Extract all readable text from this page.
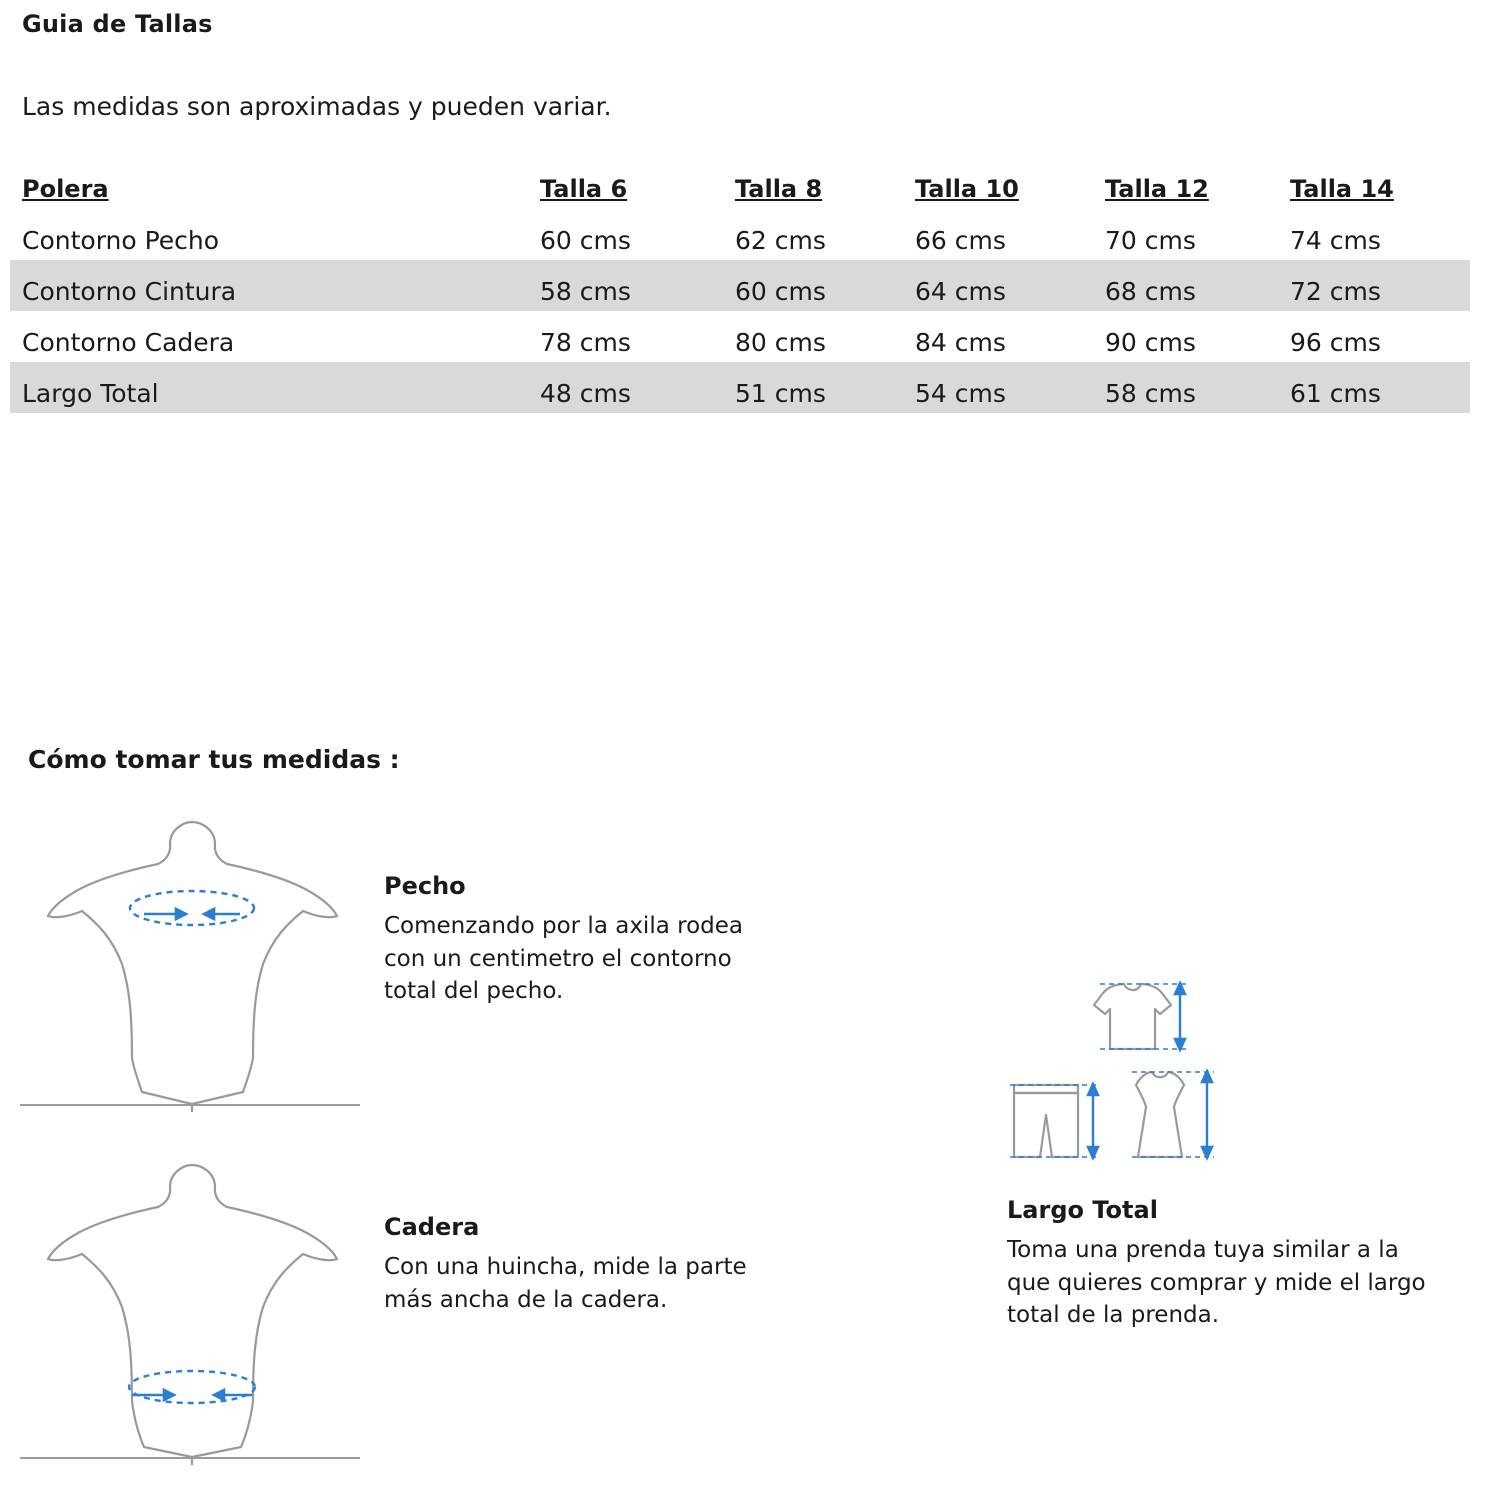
Guia de Tallas
Las medidas son aproximadas y pueden variar.
Polera	Talla 6	Talla 8	Talla 10	Talla 12	Talla 14
Contorno Pecho	60 cms	62 cms	66 cms	70 cms	74 cms
Contorno Cintura	58 cms	60 cms	64 cms	68 cms	72 cms
Contorno Cadera	78 cms	80 cms	84 cms	90 cms	96 cms
Largo Total	48 cms	51 cms	54 cms	58 cms	61 cms
Cómo tomar tus medidas :

Pecho

Comenzando por la axila rodea con un centimetro el contorno total del pecho.

Cadera

Con una huincha, mide la parte más ancha de la cadera.

Largo Total

Toma una prenda tuya similar a la que quieres comprar y mide el largo total de la prenda.
